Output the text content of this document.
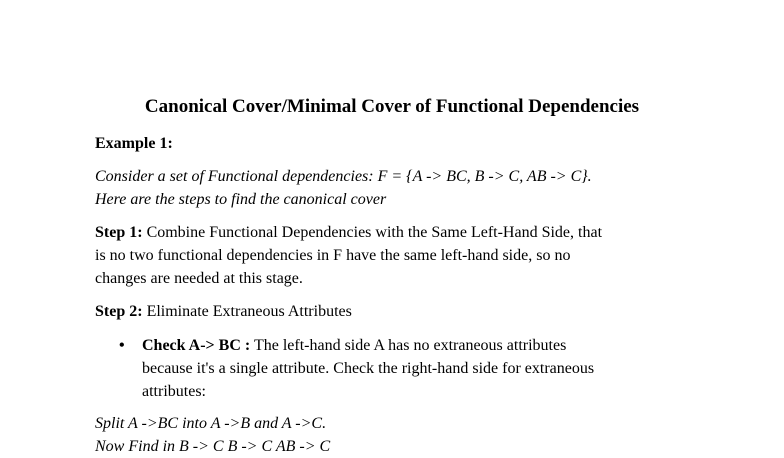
Canonical Cover/Minimal Cover of Functional Dependencies
Example 1:
Consider a set of Functional dependencies: F = {A -> BC, B -> C, AB -> C}.
Here are the steps to find the canonical cover
Step 1: Combine Functional Dependencies with the Same Left-Hand Side, that
is no two functional dependencies in F have the same left-hand side, so no
changes are needed at this stage.
Step 2: Eliminate Extraneous Attributes
• Check A-> BC : The left-hand side A has no extraneous attributes
because it's a single attribute. Check the right-hand side for extraneous
attributes:
Split A ->BC into A ->B and A ->C.
Now Find in B -> C B -> C AB -> C
